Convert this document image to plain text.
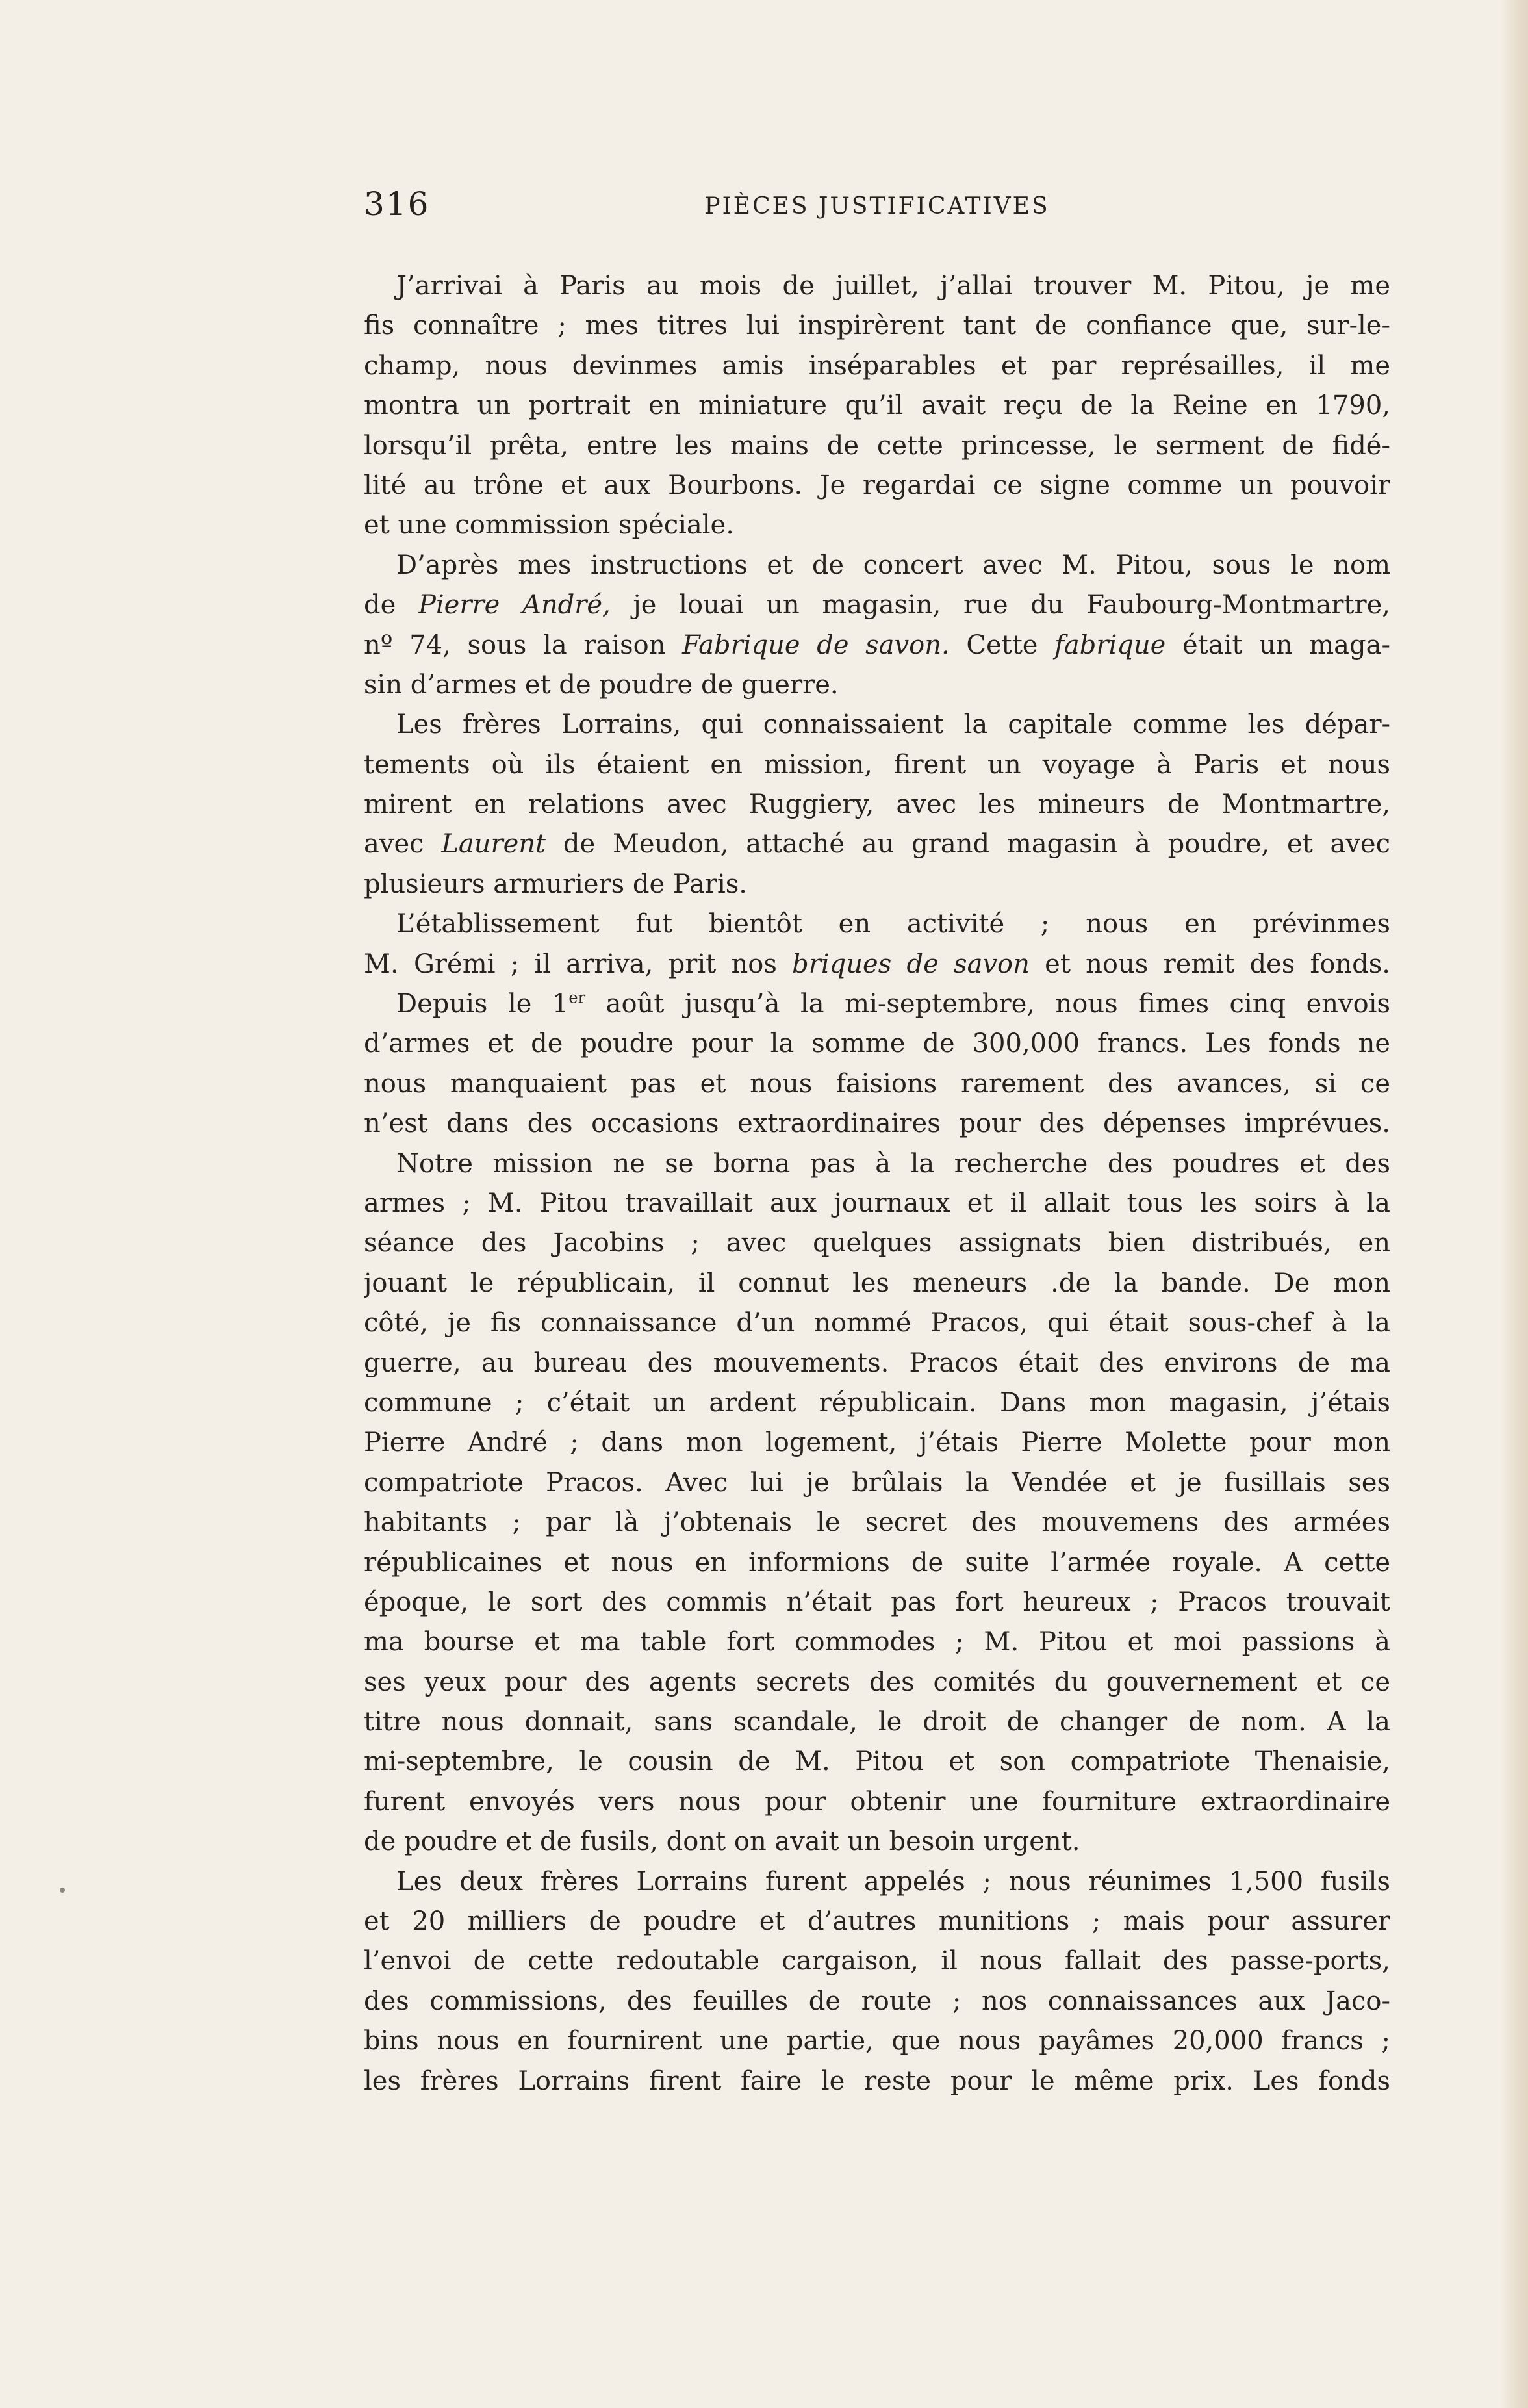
316	PIÈCES JUSTIFICATIVES
J’arrivai à Paris au mois de juillet, j’allai trouver M. Pitou, je me
fis connaître ; mes titres lui inspirèrent tant de confiance que, sur-le-
champ, nous devinmes amis inséparables et par représailles, il me
montra un portrait en miniature qu’il avait reçu de la Reine en 1790,
lorsqu’il prêta, entre les mains de cette princesse, le serment de fidé-
lité au trône et aux Bourbons. Je regardai ce signe comme un pouvoir
et une commission spéciale.
D’après mes instructions et de concert avec M. Pitou, sous le nom
de Pierre André, je louai un magasin, rue du Faubourg-Montmartre,
nº 74, sous la raison Fabrique de savon. Cette fabrique était un maga-
sin d’armes et de poudre de guerre.
Les frères Lorrains, qui connaissaient la capitale comme les dépar-
tements où ils étaient en mission, firent un voyage à Paris et nous
mirent en relations avec Ruggiery, avec les mineurs de Montmartre,
avec Laurent de Meudon, attaché au grand magasin à poudre, et avec
plusieurs armuriers de Paris.
L’établissement fut bientôt en activité ; nous en prévinmes
M. Grémi ; il arriva, prit nos briques de savon et nous remit des fonds.
Depuis le 1er août jusqu’à la mi-septembre, nous fimes cinq envois
d’armes et de poudre pour la somme de 300,000 francs. Les fonds ne
nous manquaient pas et nous faisions rarement des avances, si ce
n’est dans des occasions extraordinaires pour des dépenses imprévues.
Notre mission ne se borna pas à la recherche des poudres et des
armes ; M. Pitou travaillait aux journaux et il allait tous les soirs à la
séance des Jacobins ; avec quelques assignats bien distribués, en
jouant le républicain, il connut les meneurs .de la bande. De mon
côté, je fis connaissance d’un nommé Pracos, qui était sous-chef à la
guerre, au bureau des mouvements. Pracos était des environs de ma
commune ; c’était un ardent républicain. Dans mon magasin, j’étais
Pierre André ; dans mon logement, j’étais Pierre Molette pour mon
compatriote Pracos. Avec lui je brûlais la Vendée et je fusillais ses
habitants ; par là j’obtenais le secret des mouvemens des armées
républicaines et nous en informions de suite l’armée royale. A cette
époque, le sort des commis n’était pas fort heureux ; Pracos trouvait
ma bourse et ma table fort commodes ; M. Pitou et moi passions à
ses yeux pour des agents secrets des comités du gouvernement et ce
titre nous donnait, sans scandale, le droit de changer de nom. A la
mi-septembre, le cousin de M. Pitou et son compatriote Thenaisie,
furent envoyés vers nous pour obtenir une fourniture extraordinaire
de poudre et de fusils, dont on avait un besoin urgent.
Les deux frères Lorrains furent appelés ; nous réunimes 1,500 fusils
et 20 milliers de poudre et d’autres munitions ; mais pour assurer
l’envoi de cette redoutable cargaison, il nous fallait des passe-ports,
des commissions, des feuilles de route ; nos connaissances aux Jaco-
bins nous en fournirent une partie, que nous payâmes 20,000 francs ;
les frères Lorrains firent faire le reste pour le même prix. Les fonds
